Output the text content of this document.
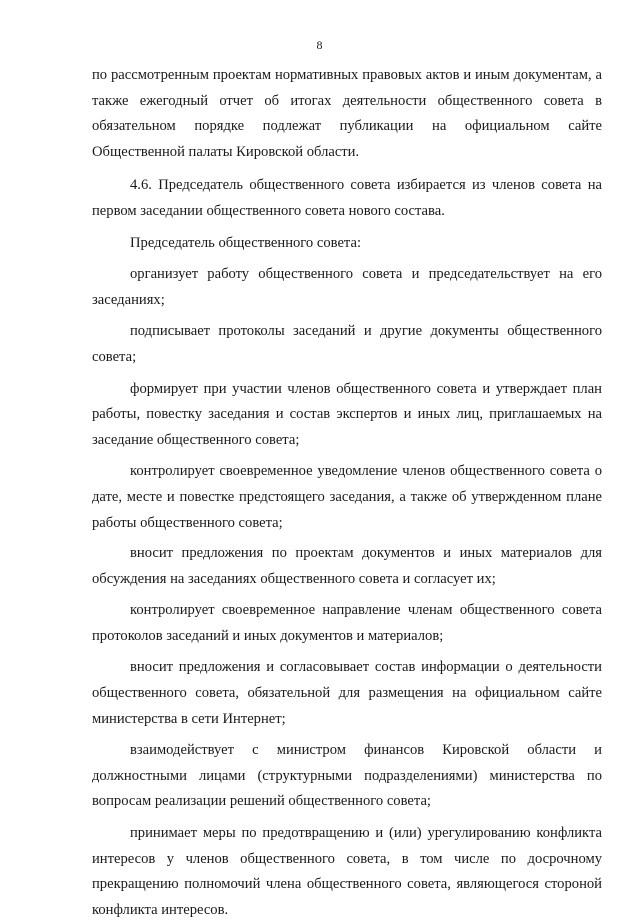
8

по рассмотренным проектам нормативных правовых актов и иным документам, а также ежегодный отчет об итогах деятельности общественного совета в обязательном порядке подлежат публикации на официальном сайте Общественной палаты Кировской области.

4.6. Председатель общественного совета избирается из членов совета на первом заседании общественного совета нового состава.

Председатель общественного совета:

организует работу общественного совета и председательствует на его заседаниях;

подписывает протоколы заседаний и другие документы общественного совета;

формирует при участии членов общественного совета и утверждает план работы, повестку заседания и состав экспертов и иных лиц, приглашаемых на заседание общественного совета;

контролирует своевременное уведомление членов общественного совета о дате, месте и повестке предстоящего заседания, а также об утвержденном плане работы общественного совета;

вносит предложения по проектам документов и иных материалов для обсуждения на заседаниях общественного совета и согласует их;

контролирует своевременное направление членам общественного совета протоколов заседаний и иных документов и материалов;

вносит предложения и согласовывает состав информации о деятельности общественного совета, обязательной для размещения на официальном сайте министерства в сети Интернет;

взаимодействует с министром финансов Кировской области и должностными лицами (структурными подразделениями) министерства по вопросам реализации решений общественного совета;

принимает меры по предотвращению и (или) урегулированию конфликта интересов у членов общественного совета, в том числе по досрочному прекращению полномочий члена общественного совета, являющегося стороной конфликта интересов.
